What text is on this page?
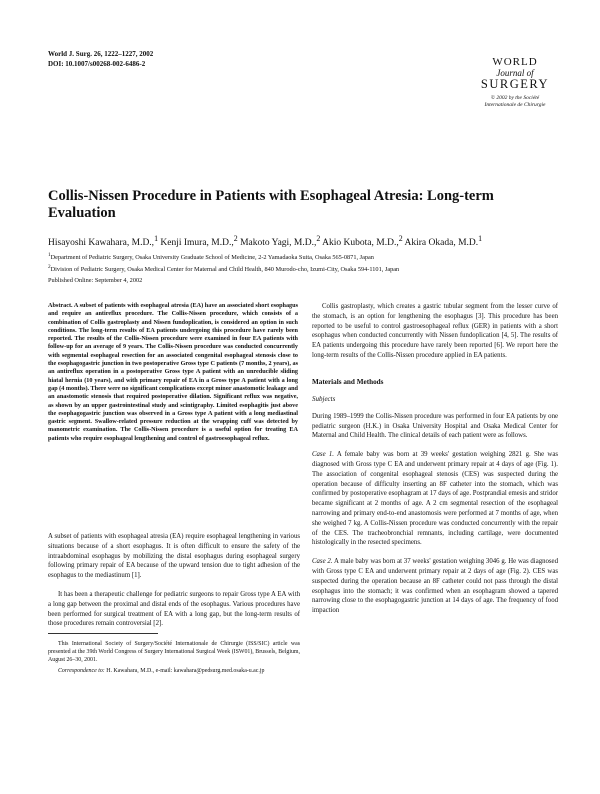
World J. Surg. 26, 1222–1227, 2002
DOI: 10.1007/s00268-002-6486-2	WORLD
Journal of
SURGERY
© 2002 by the Société
Internationale de Chirurgie
Collis-Nissen Procedure in Patients with Esophageal Atresia: Long-term Evaluation
Hisayoshi Kawahara, M.D.,$^1$ Kenji Imura, M.D.,$^2$ Makoto Yagi, M.D.,$^2$ Akio Kubota, M.D.,$^2$ Akira Okada, M.D.$^1$
$^1$Department of Pediatric Surgery, Osaka University Graduate School of Medicine, 2-2 Yamadaoka Suita, Osaka 565-0871, Japan
$^2$Division of Pediatric Surgery, Osaka Medical Center for Maternal and Child Health, 840 Murodo-cho, Izumi-City, Osaka 594-1101, Japan
Published Online: September 4, 2002
Abstract. A subset of patients with esophageal atresia (EA) have an associated short esophagus and require an antireflux procedure. The Collis-Nissen procedure, which consists of a combination of Collis gastroplasty and Nissen fundoplication, is considered an option in such conditions. The long-term results of EA patients undergoing this procedure have rarely been reported. The results of the Collis-Nissen procedure were examined in four EA patients with follow-up for an average of 9 years. The Collis-Nissen procedure was conducted concurrently with segmental esophageal resection for an associated congenital esophageal stenosis close to the esophagogastric junction in two postoperative Gross type C patients (7 months, 2 years), as an antireflux operation in a postoperative Gross type A patient with an unreducible sliding hiatal hernia (10 years), and with primary repair of EA in a Gross type A patient with a long gap (4 months). There were no significant complications except minor anastomotic leakage and an anastomotic stenosis that required postoperative dilation. Significant reflux was negative, as shown by an upper gastrointestinal study and scintigraphy. Limited esophagitis just above the esophagogastric junction was observed in a Gross type A patient with a long mediastinal gastric segment. Swallow-related pressure reduction at the wrapping cuff was detected by manometric examination. The Collis-Nissen procedure is a useful option for treating EA patients who require esophageal lengthening and control of gastroesophageal reflux.

A subset of patients with esophageal atresia (EA) require esophageal lengthening in various situations because of a short esophagus. It is often difficult to ensure the safety of the intraabdominal esophagus by mobilizing the distal esophagus during esophageal surgery following primary repair of EA because of the upward tension due to tight adhesion of the esophagus to the mediastinum [1].

It has been a therapeutic challenge for pediatric surgeons to repair Gross type A EA with a long gap between the proximal and distal ends of the esophagus. Various procedures have been performed for surgical treatment of EA with a long gap, but the long-term results of those procedures remain controversial [2].

This International Society of Surgery/Société Internationale de Chirurgie (ISS/SIC) article was presented at the 39th World Congress of Surgery International Surgical Week (ISW01), Brussels, Belgium, August 26–30, 2001.

Correspondence to: H. Kawahara, M.D., e-mail: kawahara@pedsurg.med.osaka-u.ac.jp

Collis gastroplasty, which creates a gastric tubular segment from the lesser curve of the stomach, is an option for lengthening the esophagus [3]. This procedure has been reported to be useful to control gastroesophageal reflux (GER) in patients with a short esophagus when conducted concurrently with Nissen fundoplication [4, 5]. The results of EA patients undergoing this procedure have rarely been reported [6]. We report here the long-term results of the Collis-Nissen procedure applied in EA patients.

Materials and Methods
Subjects

During 1989–1999 the Collis-Nissen procedure was performed in four EA patients by one pediatric surgeon (H.K.) in Osaka University Hospital and Osaka Medical Center for Maternal and Child Health. The clinical details of each patient were as follows.

Case 1. A female baby was born at 39 weeks' gestation weighing 2821 g. She was diagnosed with Gross type C EA and underwent primary repair at 4 days of age (Fig. 1). The association of congenital esophageal stenosis (CES) was suspected during the operation because of difficulty inserting an 8F catheter into the stomach, which was confirmed by postoperative esophagram at 17 days of age. Postprandial emesis and stridor became significant at 2 months of age. A 2 cm segmental resection of the esophageal narrowing and primary end-to-end anastomosis were performed at 7 months of age, when she weighed 7 kg. A Collis-Nissen procedure was conducted concurrently with the repair of the CES. The tracheobronchial remnants, including cartilage, were documented histologically in the resected specimens.

Case 2. A male baby was born at 37 weeks' gestation weighing 3046 g. He was diagnosed with Gross type C EA and underwent primary repair at 2 days of age (Fig. 2). CES was suspected during the operation because an 8F catheter could not pass through the distal esophagus into the stomach; it was confirmed when an esophagram showed a tapered narrowing close to the esophagogastric junction at 14 days of age. The frequency of food impaction
